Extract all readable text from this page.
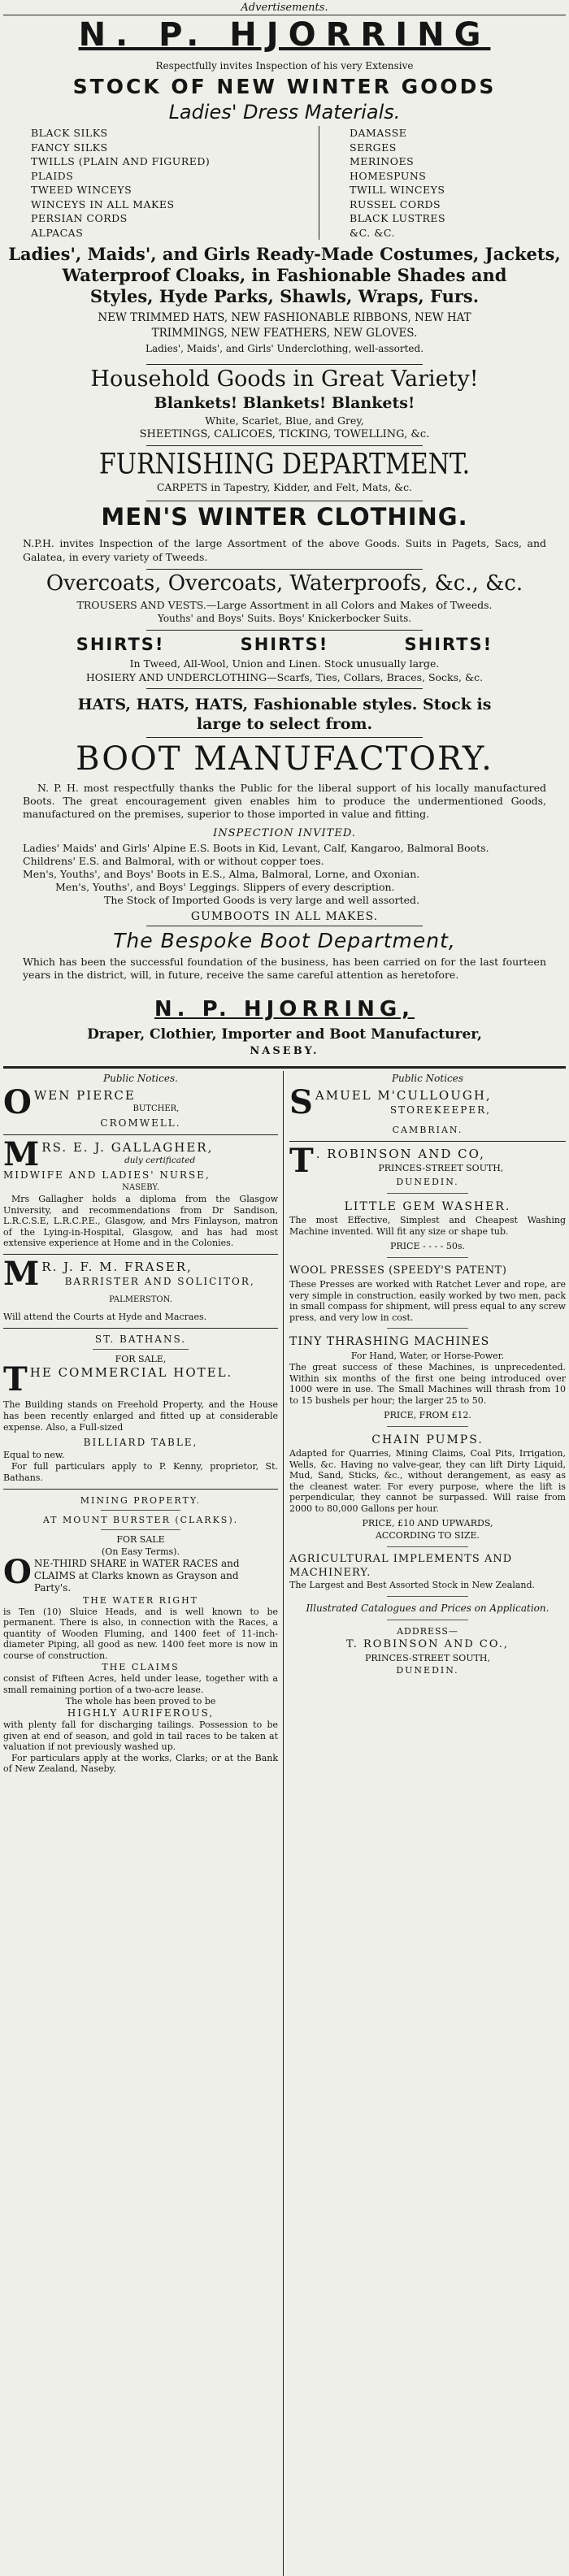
Advertisements.
N. P. HJORRING
Respectfully invites Inspection of his very Extensive
STOCK OF NEW WINTER GOODS
Ladies' Dress Materials.
BLACK SILKS
FANCY SILKS
TWILLS (PLAIN AND FIGURED)
PLAIDS
TWEED WINCEYS
WINCEYS IN ALL MAKES
PERSIAN CORDS
ALPACAS
DAMASSE
SERGES
MERINOES
HOMESPUNS
TWILL WINCEYS
RUSSEL CORDS
BLACK LUSTRES
&C. &C.
Ladies', Maids', and Girls Ready-Made Costumes, Jackets,
Waterproof Cloaks, in Fashionable Shades and
Styles, Hyde Parks, Shawls, Wraps, Furs.
NEW TRIMMED HATS, NEW FASHIONABLE RIBBONS, NEW HAT
TRIMMINGS, NEW FEATHERS, NEW GLOVES.
Ladies', Maids', and Girls' Underclothing, well-assorted.
Household Goods in Great Variety!
Blankets! Blankets! Blankets!
White, Scarlet, Blue, and Grey,
SHEETINGS, CALICOES, TICKING, TOWELLING, &c.
FURNISHING DEPARTMENT.
CARPETS in Tapestry, Kidder, and Felt, Mats, &c.
MEN'S WINTER CLOTHING.
N.P.H. invites Inspection of the large Assortment of the above Goods. Suits in Pagets, Sacs, and Galatea, in every variety of Tweeds.
Overcoats, Overcoats, Waterproofs, &c., &c.
TROUSERS AND VESTS.—Large Assortment in all Colors and Makes of Tweeds.
Youths' and Boys' Suits. Boys' Knickerbocker Suits.
SHIRTS!          SHIRTS!          SHIRTS!
In Tweed, All-Wool, Union and Linen. Stock unusually large.
HOSIERY AND UNDERCLOTHING—Scarfs, Ties, Collars, Braces, Socks, &c.
HATS, HATS, HATS, Fashionable styles. Stock is
large to select from.
BOOT MANUFACTORY.
N. P. H. most respectfully thanks the Public for the liberal support of his locally manufactured Boots. The great encouragement given enables him to produce the undermentioned Goods, manufactured on the premises, superior to those imported in value and fitting.
INSPECTION INVITED.
Ladies' Maids' and Girls' Alpine E.S. Boots in Kid, Levant, Calf, Kangaroo, Balmoral Boots.
Childrens' E.S. and Balmoral, with or without copper toes.
Men's, Youths', and Boys' Boots in E.S., Alma, Balmoral, Lorne, and Oxonian.
Men's, Youths', and Boys' Leggings. Slippers of every description.
The Stock of Imported Goods is very large and well assorted.
GUMBOOTS IN ALL MAKES.
The Bespoke Boot Department,
Which has been the successful foundation of the business, has been carried on for the last fourteen years in the district, will, in future, receive the same careful attention as heretofore.
N. P. HJORRING,
Draper, Clothier, Importer and Boot Manufacturer,
NASEBY.
Public Notices.
O WEN PIERCE
BUTCHER,
CROMWELL.
M RS. E. J. GALLAGHER,
duly certificated
MIDWIFE AND LADIES' NURSE,
NASEBY.
Mrs Gallagher holds a diploma from the Glasgow University, and recommendations from Dr Sandison, L.R.C.S.E, L.R.C.P.E., Glasgow, and Mrs Finlayson, matron of the Lying-in-Hospital, Glasgow, and has had most extensive experience at Home and in the Colonies.
M R. J. F. M. FRASER,
BARRISTER AND SOLICITOR,
PALMERSTON.
Will attend the Courts at Hyde and Macraes.
ST. BATHANS.
FOR SALE,
T HE COMMERCIAL HOTEL.
The Building stands on Freehold Property, and the House has been recently enlarged and fitted up at considerable expense. Also, a Full-sized
BILLIARD TABLE,
Equal to new.
For full particulars apply to P. Kenny, proprietor, St. Bathans.
MINING PROPERTY.
AT MOUNT BURSTER (CLARKS).
FOR SALE
(On Easy Terms).
O NE-THIRD SHARE in WATER RACES and CLAIMS at Clarks known as Grayson and Party's.
THE WATER RIGHT
is Ten (10) Sluice Heads, and is well known to be permanent. There is also, in connection with the Races, a quantity of Wooden Fluming, and 1400 feet of 11-inch-diameter Piping, all good as new. 1400 feet more is now in course of construction.
THE CLAIMS
consist of Fifteen Acres, held under lease, together with a small remaining portion of a two-acre lease.
The whole has been proved to be
HIGHLY AURIFEROUS,
with plenty fall for discharging tailings. Possession to be given at end of season, and gold in tail races to be taken at valuation if not previously washed up.
For particulars apply at the works, Clarks; or at the Bank of New Zealand, Naseby.
Public Notices
S AMUEL M'CULLOUGH,
STOREKEEPER,
CAMBRIAN.
T . ROBINSON AND CO,
PRINCES-STREET SOUTH,
DUNEDIN.
LITTLE GEM WASHER.
The most Effective, Simplest and Cheapest Washing Machine invented. Will fit any size or shape tub.
PRICE - - - - 50s.
WOOL PRESSES (SPEEDY'S PATENT)
These Presses are worked with Ratchet Lever and rope, are very simple in construction, easily worked by two men, pack in small compass for shipment, will press equal to any screw press, and very low in cost.
TINY THRASHING MACHINES
For Hand, Water, or Horse-Power.
The great success of these Machines, is unprecedented. Within six months of the first one being introduced over 1000 were in use. The Small Machines will thrash from 10 to 15 bushels per hour; the larger 25 to 50.
PRICE, FROM £12.
CHAIN PUMPS.
Adapted for Quarries, Mining Claims, Coal Pits, Irrigation, Wells, &c. Having no valve-gear, they can lift Dirty Liquid, Mud, Sand, Sticks, &c., without derangement, as easy as the cleanest water. For every purpose, where the lift is perpendicular, they cannot be surpassed. Will raise from 2000 to 80,000 Gallons per hour.
PRICE, £10 AND UPWARDS,
ACCORDING TO SIZE.
AGRICULTURAL IMPLEMENTS AND MACHINERY.
The Largest and Best Assorted Stock in New Zealand.
Illustrated Catalogues and Prices on Application.
ADDRESS—
T. ROBINSON AND CO.,
PRINCES-STREET SOUTH,
DUNEDIN.
